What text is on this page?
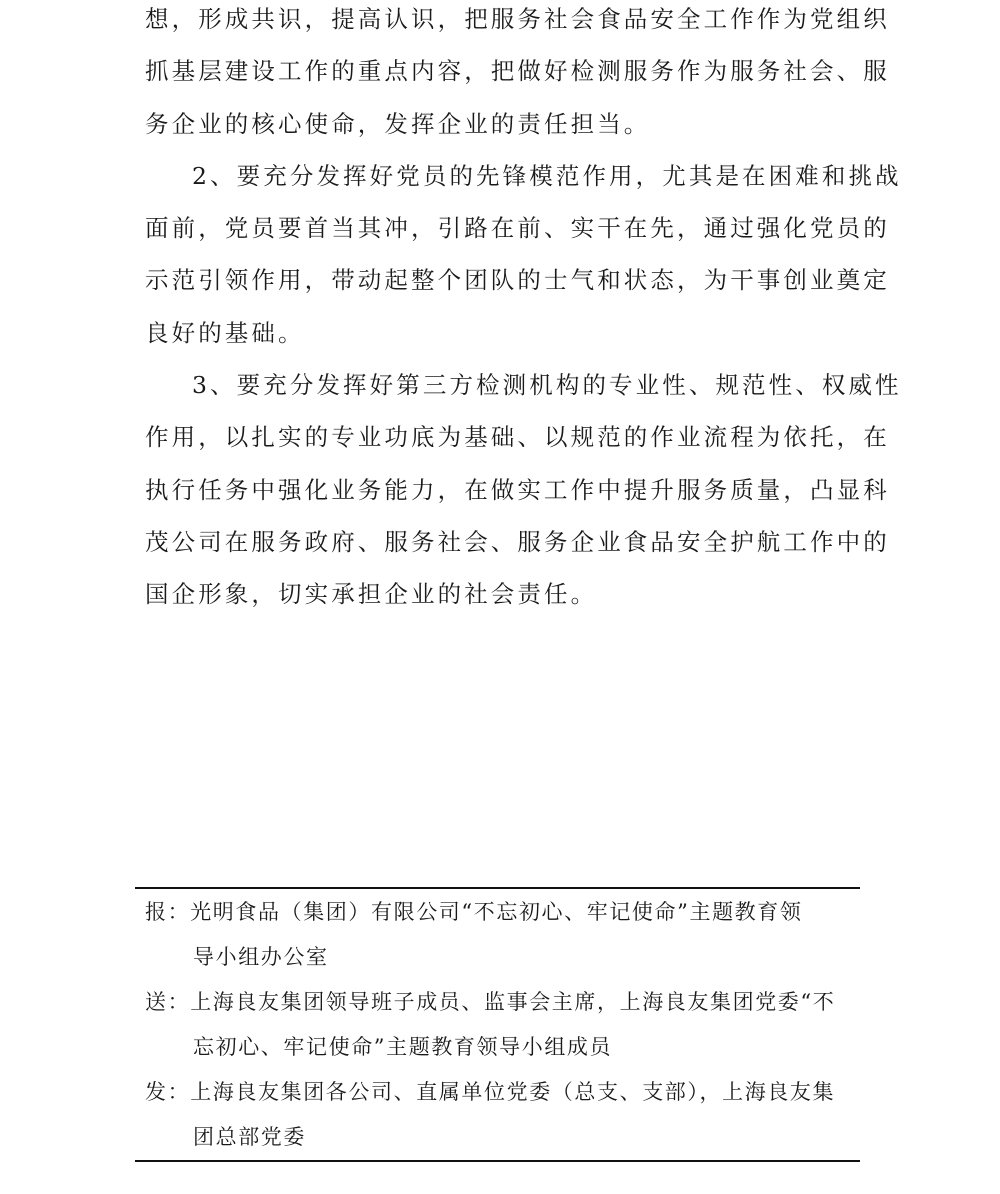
想，形成共识，提高认识，把服务社会食品安全工作作为党组织

抓基层建设工作的重点内容，把做好检测服务作为服务社会、服

务企业的核心使命，发挥企业的责任担当。

2、要充分发挥好党员的先锋模范作用，尤其是在困难和挑战

面前，党员要首当其冲，引路在前、实干在先，通过强化党员的

示范引领作用，带动起整个团队的士气和状态，为干事创业奠定

良好的基础。

3、要充分发挥好第三方检测机构的专业性、规范性、权威性

作用，以扎实的专业功底为基础、以规范的作业流程为依托，在

执行任务中强化业务能力，在做实工作中提升服务质量，凸显科

茂公司在服务政府、服务社会、服务企业食品安全护航工作中的

国企形象，切实承担企业的社会责任。

报：光明食品（集团）有限公司“不忘初心、牢记使命”主题教育领
导小组办公室
送：上海良友集团领导班子成员、监事会主席，上海良友集团党委“不
忘初心、牢记使命”主题教育领导小组成员
发：上海良友集团各公司、直属单位党委（总支、支部），上海良友集
团总部党委
